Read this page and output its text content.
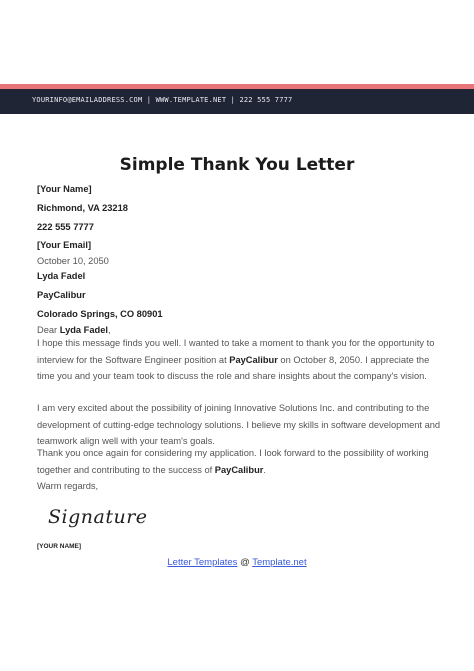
YOURINFO@EMAILADDRESS.COM | WWW.TEMPLATE.NET | 222 555 7777
Simple Thank You Letter
[Your Name]
Richmond, VA 23218
222 555 7777
[Your Email]
October 10, 2050
Lyda Fadel
PayCalibur
Colorado Springs, CO 80901
Dear Lyda Fadel,
I hope this message finds you well. I wanted to take a moment to thank you for the opportunity to interview for the Software Engineer position at PayCalibur on October 8, 2050. I appreciate the time you and your team took to discuss the role and share insights about the company's vision.
I am very excited about the possibility of joining Innovative Solutions Inc. and contributing to the development of cutting-edge technology solutions. I believe my skills in software development and teamwork align well with your team's goals.
Thank you once again for considering my application. I look forward to the possibility of working together and contributing to the success of PayCalibur.
Warm regards,
Signature
[YOUR NAME]
Letter Templates @ Template.net
